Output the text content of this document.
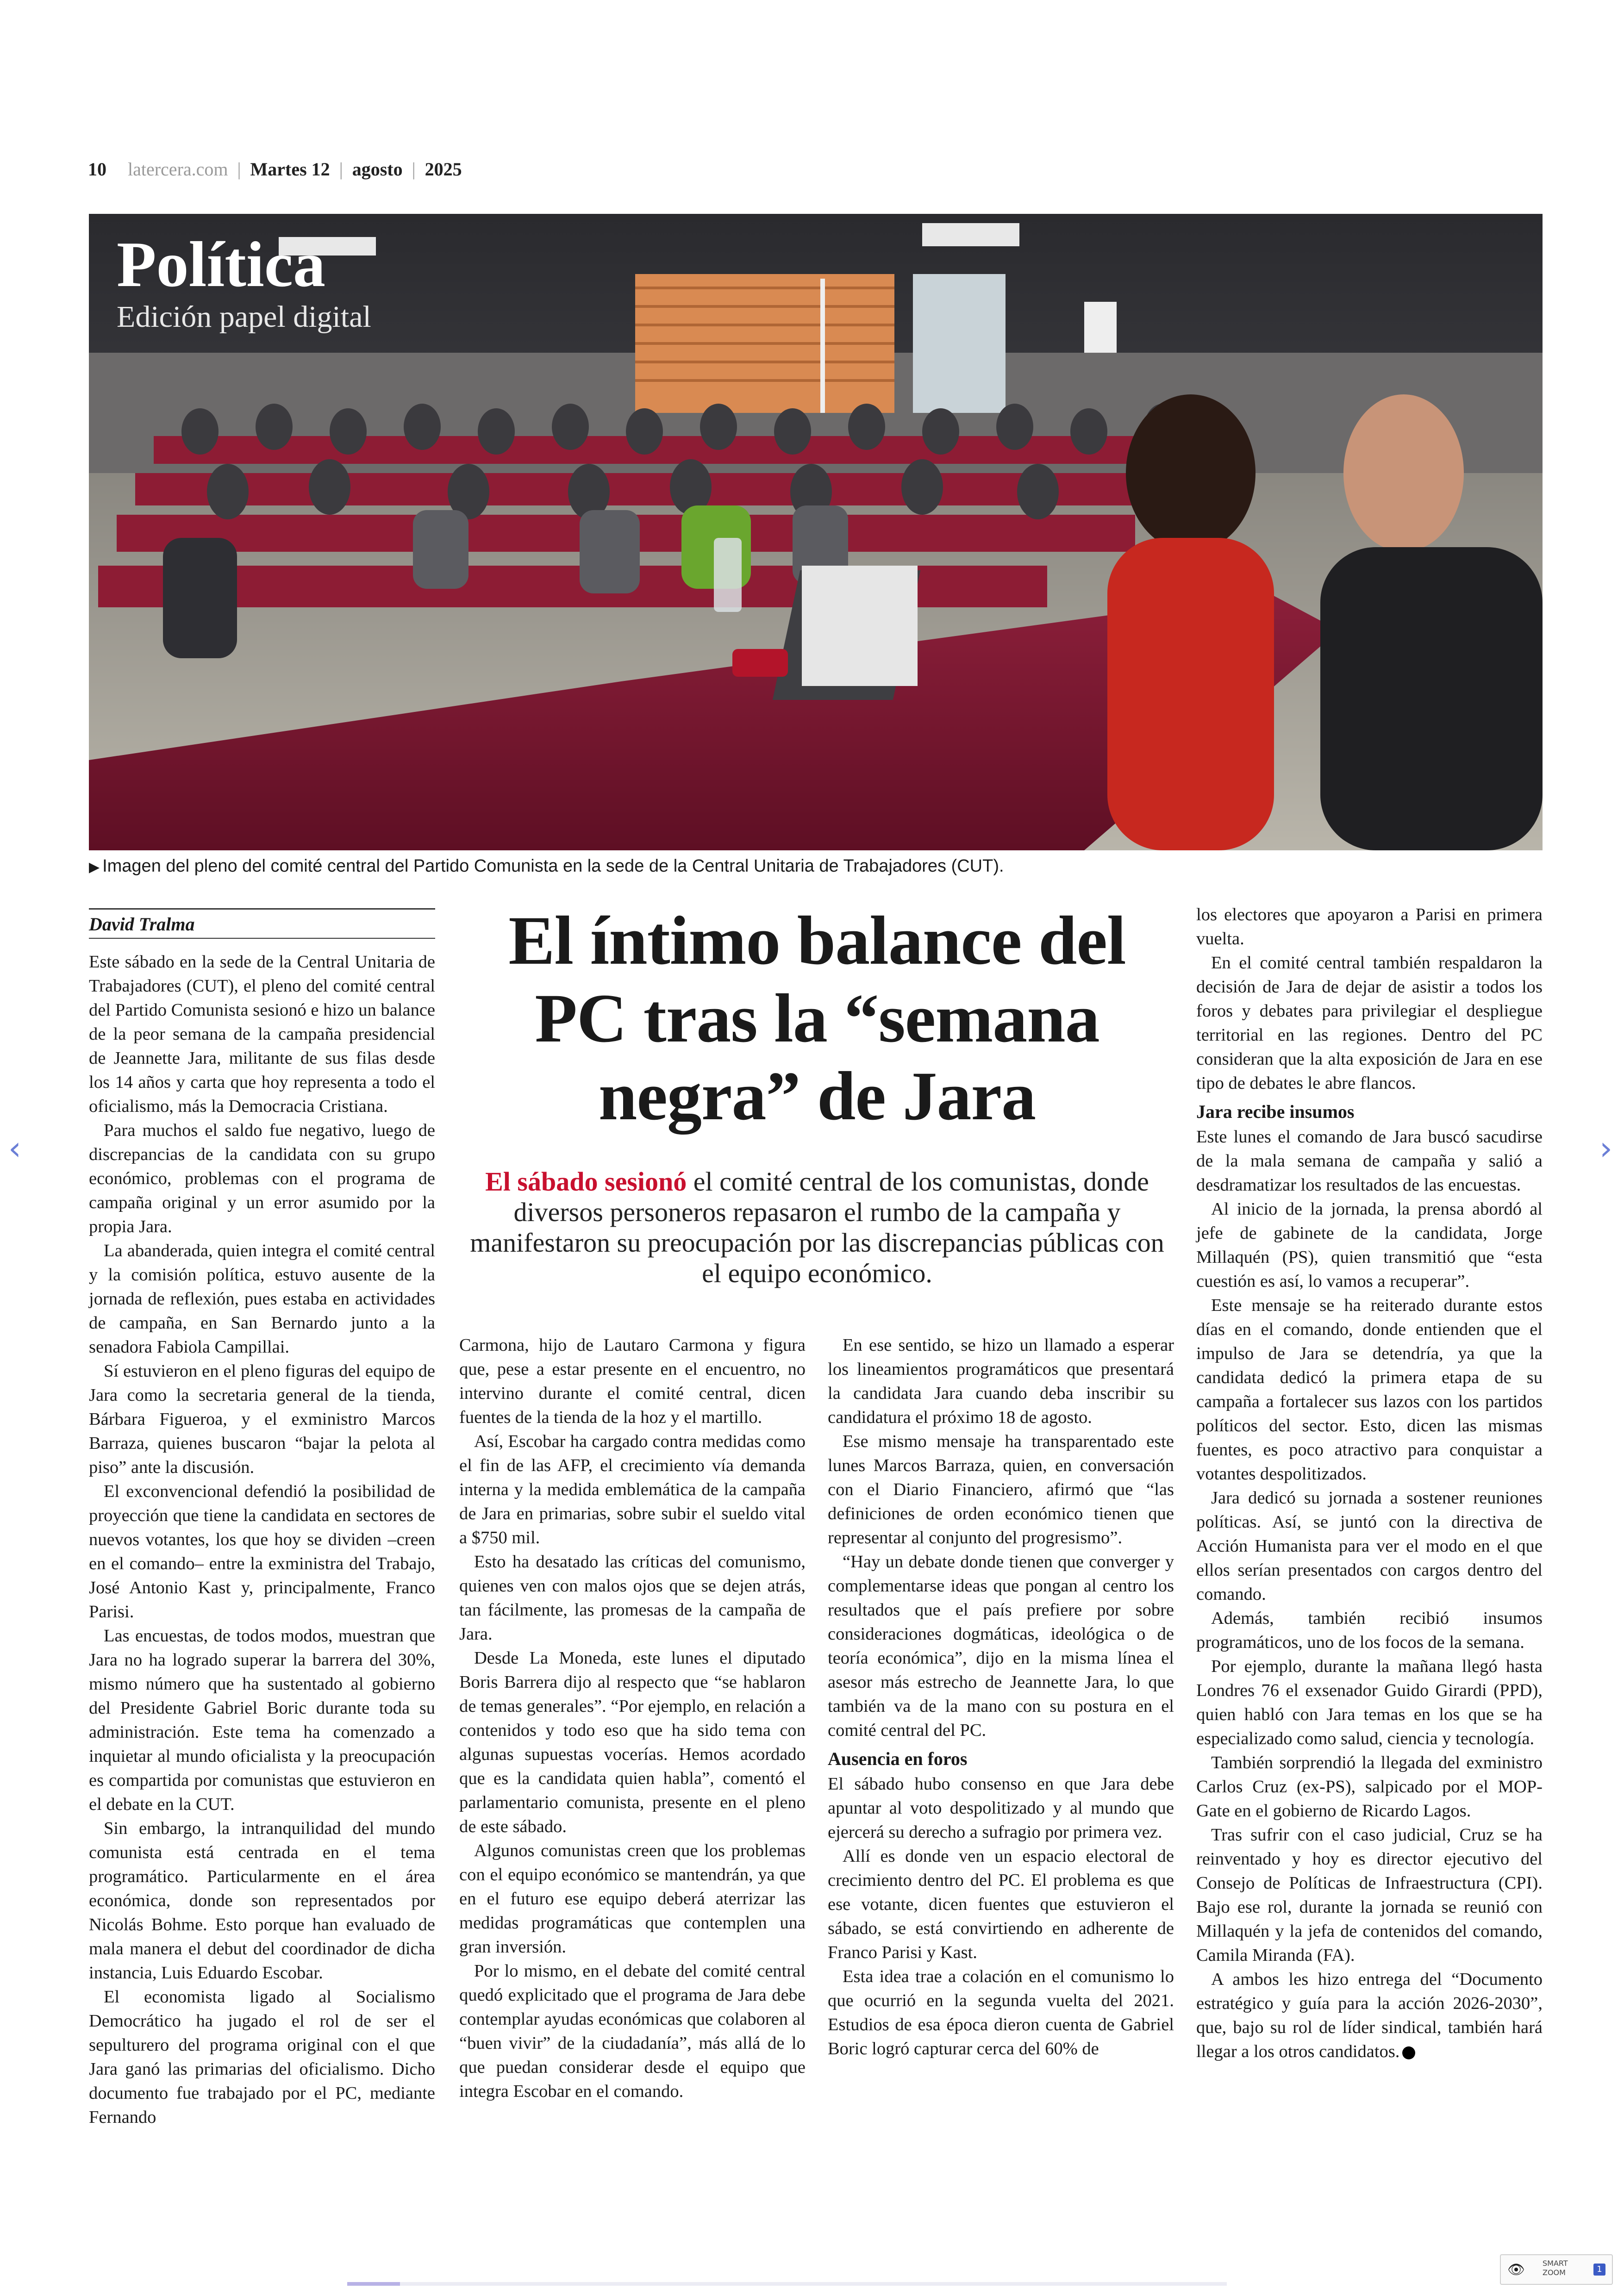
10 latercera.com | Martes 12 | agosto | 2025
Política
Edición papel digital
▶ Imagen del pleno del comité central del Partido Comunista en la sede de la Central Unitaria de Trabajadores (CUT).
David Tralma

Este sábado en la sede de la Central Unitaria de Trabajadores (CUT), el pleno del comité central del Partido Comunista sesionó e hizo un balance de la peor semana de la campaña presidencial de Jeannette Jara, militante de sus filas desde los 14 años y carta que hoy representa a todo el oficialismo, más la Democracia Cristiana.

Para muchos el saldo fue negativo, luego de discrepancias de la candidata con su grupo económico, problemas con el programa de campaña original y un error asumido por la propia Jara.

La abanderada, quien integra el comité central y la comisión política, estuvo ausente de la jornada de reflexión, pues estaba en actividades de campaña, en San Bernardo junto a la senadora Fabiola Campillai.

Sí estuvieron en el pleno figuras del equipo de Jara como la secretaria general de la tienda, Bárbara Figueroa, y el exministro Marcos Barraza, quienes buscaron “bajar la pelota al piso” ante la discusión.

El exconvencional defendió la posibilidad de proyección que tiene la candidata en sectores de nuevos votantes, los que hoy se dividen –creen en el comando– entre la exministra del Trabajo, José Antonio Kast y, principalmente, Franco Parisi.

Las encuestas, de todos modos, muestran que Jara no ha logrado superar la barrera del 30%, mismo número que ha sustentado al gobierno del Presidente Gabriel Boric durante toda su administración. Este tema ha comenzado a inquietar al mundo oficialista y la preocupación es compartida por comunistas que estuvieron en el debate en la CUT.

Sin embargo, la intranquilidad del mundo comunista está centrada en el tema programático. Particularmente en el área económica, donde son representados por Nicolás Bohme. Esto porque han evaluado de mala manera el debut del coordinador de dicha instancia, Luis Eduardo Escobar.

El economista ligado al Socialismo Democrático ha jugado el rol de ser el sepulturero del programa original con el que Jara ganó las primarias del oficialismo. Dicho documento fue trabajado por el PC, mediante Fernando

El íntimo balance del PC tras la “semana negra” de Jara
El sábado sesionó el comité central de los comunistas, donde diversos personeros repasaron el rumbo de la campaña y manifestaron su preocupación por las discrepancias públicas con el equipo económico.

Carmona, hijo de Lautaro Carmona y figura que, pese a estar presente en el encuentro, no intervino durante el comité central, dicen fuentes de la tienda de la hoz y el martillo.

Así, Escobar ha cargado contra medidas como el fin de las AFP, el crecimiento vía demanda interna y la medida emblemática de la campaña de Jara en primarias, sobre subir el sueldo vital a $750 mil.

Esto ha desatado las críticas del comunismo, quienes ven con malos ojos que se dejen atrás, tan fácilmente, las promesas de la campaña de Jara.

Desde La Moneda, este lunes el diputado Boris Barrera dijo al respecto que “se hablaron de temas generales”. “Por ejemplo, en relación a contenidos y todo eso que ha sido tema con algunas supuestas vocerías. Hemos acordado que es la candidata quien habla”, comentó el parlamentario comunista, presente en el pleno de este sábado.

Algunos comunistas creen que los problemas con el equipo económico se mantendrán, ya que en el futuro ese equipo deberá aterrizar las medidas programáticas que contemplen una gran inversión.

Por lo mismo, en el debate del comité central quedó explicitado que el programa de Jara debe contemplar ayudas económicas que colaboren al “buen vivir” de la ciudadanía”, más allá de lo que puedan considerar desde el equipo que integra Escobar en el comando.

En ese sentido, se hizo un llamado a esperar los lineamientos programáticos que presentará la candidata Jara cuando deba inscribir su candidatura el próximo 18 de agosto.

Ese mismo mensaje ha transparentado este lunes Marcos Barraza, quien, en conversación con el Diario Financiero, afirmó que “las definiciones de orden económico tienen que representar al conjunto del progresismo”.

“Hay un debate donde tienen que converger y complementarse ideas que pongan al centro los resultados que el país prefiere por sobre consideraciones dogmáticas, ideológica o de teoría económica”, dijo en la misma línea el asesor más estrecho de Jeannette Jara, lo que también va de la mano con su postura en el comité central del PC.

Ausencia en foros

El sábado hubo consenso en que Jara debe apuntar al voto despolitizado y al mundo que ejercerá su derecho a sufragio por primera vez.

Allí es donde ven un espacio electoral de crecimiento dentro del PC. El problema es que ese votante, dicen fuentes que estuvieron el sábado, se está convirtiendo en adherente de Franco Parisi y Kast.

Esta idea trae a colación en el comunismo lo que ocurrió en la segunda vuelta del 2021. Estudios de esa época dieron cuenta de Gabriel Boric logró capturar cerca del 60% de

los electores que apoyaron a Parisi en primera vuelta.

En el comité central también respaldaron la decisión de Jara de dejar de asistir a todos los foros y debates para privilegiar el despliegue territorial en las regiones. Dentro del PC consideran que la alta exposición de Jara en ese tipo de debates le abre flancos.

Jara recibe insumos

Este lunes el comando de Jara buscó sacudirse de la mala semana de campaña y salió a desdramatizar los resultados de las encuestas.

Al inicio de la jornada, la prensa abordó al jefe de gabinete de la candidata, Jorge Millaquén (PS), quien transmitió que “esta cuestión es así, lo vamos a recuperar”.

Este mensaje se ha reiterado durante estos días en el comando, donde entienden que el impulso de Jara se detendría, ya que la candidata dedicó la primera etapa de su campaña a fortalecer sus lazos con los partidos políticos del sector. Esto, dicen las mismas fuentes, es poco atractivo para conquistar a votantes despolitizados.

Jara dedicó su jornada a sostener reuniones políticas. Así, se juntó con la directiva de Acción Humanista para ver el modo en el que ellos serían presentados con cargos dentro del comando.

Además, también recibió insumos programáticos, uno de los focos de la semana.

Por ejemplo, durante la mañana llegó hasta Londres 76 el exsenador Guido Girardi (PPD), quien habló con Jara temas en los que se ha especializado como salud, ciencia y tecnología.

También sorprendió la llegada del exministro Carlos Cruz (ex-PS), salpicado por el MOP-Gate en el gobierno de Ricardo Lagos.

Tras sufrir con el caso judicial, Cruz se ha reinventado y hoy es director ejecutivo del Consejo de Políticas de Infraestructura (CPI). Bajo ese rol, durante la jornada se reunió con Millaquén y la jefa de contenidos del comando, Camila Miranda (FA).

A ambos les hizo entrega del “Documento estratégico y guía para la acción 2026-2030”, que, bajo su rol de líder sindical, también hará llegar a los otros candidatos.

‹	›
👁 SMART
ZOOM	1
